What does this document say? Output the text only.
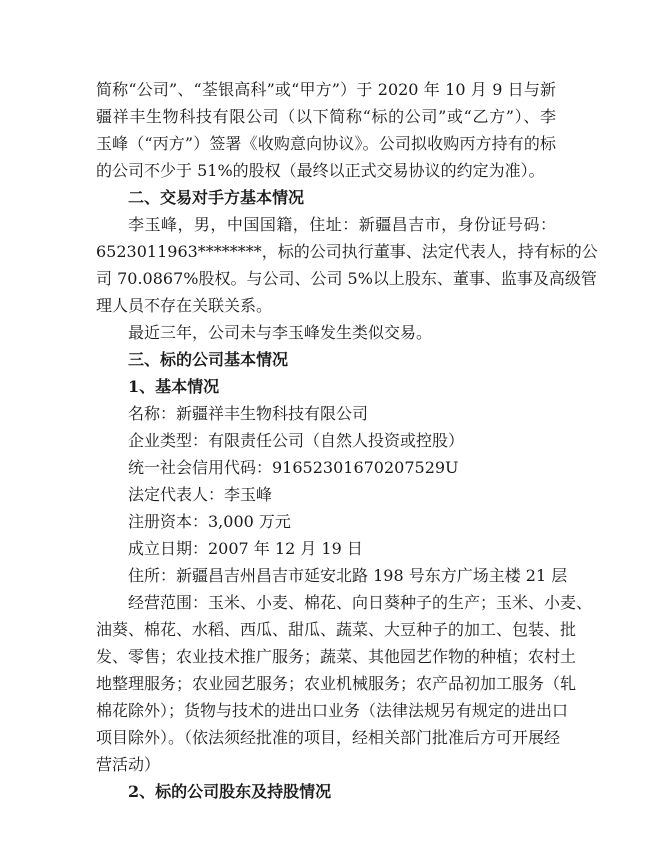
简称“公司”、“荃银高科”或“甲方”）于 2020 年 10 月 9 日与新
疆祥丰生物科技有限公司（以下简称“标的公司”或“乙方”）、李
玉峰（“丙方”）签署《收购意向协议》。公司拟收购丙方持有的标
的公司不少于 51%的股权（最终以正式交易协议的约定为准）。
二、交易对手方基本情况
李玉峰，男，中国国籍，住址：新疆昌吉市，身份证号码：
6523011963********，标的公司执行董事、法定代表人，持有标的公
司 70.0867%股权。与公司、公司 5%以上股东、董事、监事及高级管
理人员不存在关联关系。
最近三年，公司未与李玉峰发生类似交易。
三、标的公司基本情况
1、基本情况
名称：新疆祥丰生物科技有限公司
企业类型：有限责任公司（自然人投资或控股）
统一社会信用代码：91652301670207529U
法定代表人：李玉峰
注册资本：3,000 万元
成立日期：2007 年 12 月 19 日
住所：新疆昌吉州昌吉市延安北路 198 号东方广场主楼 21 层
经营范围：玉米、小麦、棉花、向日葵种子的生产；玉米、小麦、
油葵、棉花、水稻、西瓜、甜瓜、蔬菜、大豆种子的加工、包装、批
发、零售；农业技术推广服务；蔬菜、其他园艺作物的种植；农村土
地整理服务；农业园艺服务；农业机械服务；农产品初加工服务（轧
棉花除外）；货物与技术的进出口业务（法律法规另有规定的进出口
项目除外）。（依法须经批准的项目，经相关部门批准后方可开展经
营活动）
2、标的公司股东及持股情况
